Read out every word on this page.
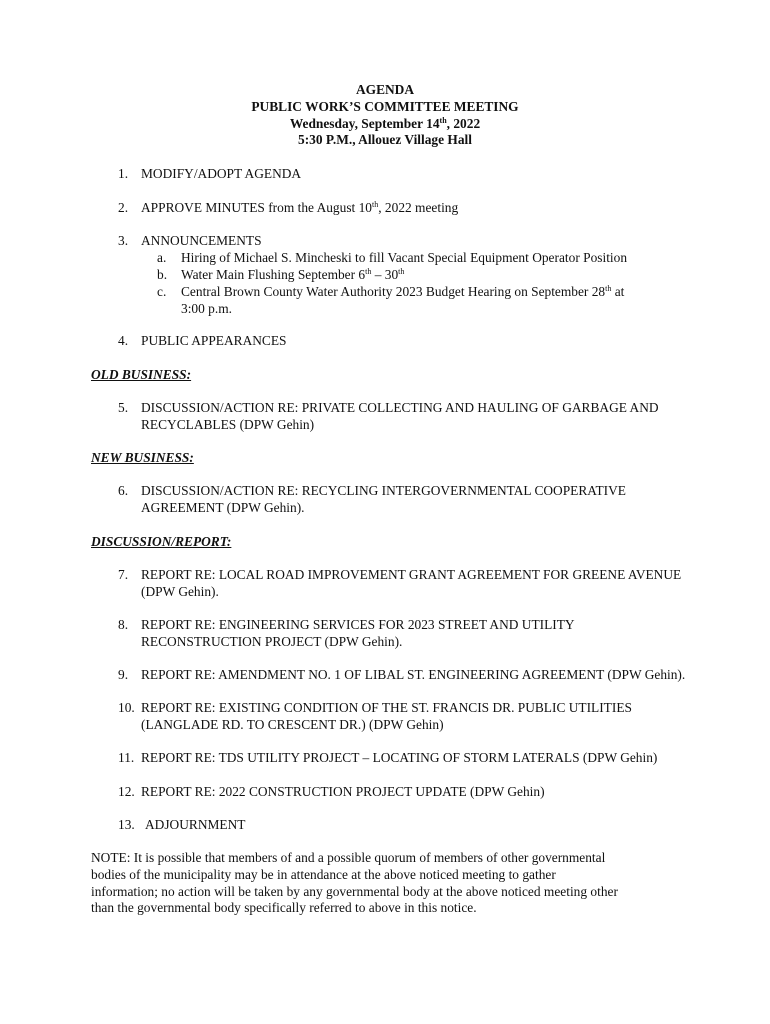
AGENDA
PUBLIC WORK’S COMMITTEE MEETING
Wednesday, September 14th, 2022
5:30 P.M., Allouez Village Hall
1. MODIFY/ADOPT AGENDA
2. APPROVE MINUTES from the August 10th, 2022 meeting
3. ANNOUNCEMENTS
a. Hiring of Michael S. Mincheski to fill Vacant Special Equipment Operator Position
b. Water Main Flushing September 6th – 30th
c. Central Brown County Water Authority 2023 Budget Hearing on September 28th at
3:00 p.m.
4. PUBLIC APPEARANCES
OLD BUSINESS:
5. DISCUSSION/ACTION RE: PRIVATE COLLECTING AND HAULING OF GARBAGE AND
RECYCLABLES (DPW Gehin)
NEW BUSINESS:
6. DISCUSSION/ACTION RE: RECYCLING INTERGOVERNMENTAL COOPERATIVE
AGREEMENT (DPW Gehin).
DISCUSSION/REPORT:
7. REPORT RE: LOCAL ROAD IMPROVEMENT GRANT AGREEMENT FOR GREENE AVENUE
(DPW Gehin).
8. REPORT RE: ENGINEERING SERVICES FOR 2023 STREET AND UTILITY
RECONSTRUCTION PROJECT (DPW Gehin).
9. REPORT RE: AMENDMENT NO. 1 OF LIBAL ST. ENGINEERING AGREEMENT (DPW Gehin).
10. REPORT RE: EXISTING CONDITION OF THE ST. FRANCIS DR. PUBLIC UTILITIES
(LANGLADE RD. TO CRESCENT DR.) (DPW Gehin)
11. REPORT RE: TDS UTILITY PROJECT – LOCATING OF STORM LATERALS (DPW Gehin)
12. REPORT RE: 2022 CONSTRUCTION PROJECT UPDATE (DPW Gehin)
13. ADJOURNMENT
NOTE: It is possible that members of and a possible quorum of members of other governmental
bodies of the municipality may be in attendance at the above noticed meeting to gather
information; no action will be taken by any governmental body at the above noticed meeting other
than the governmental body specifically referred to above in this notice.
